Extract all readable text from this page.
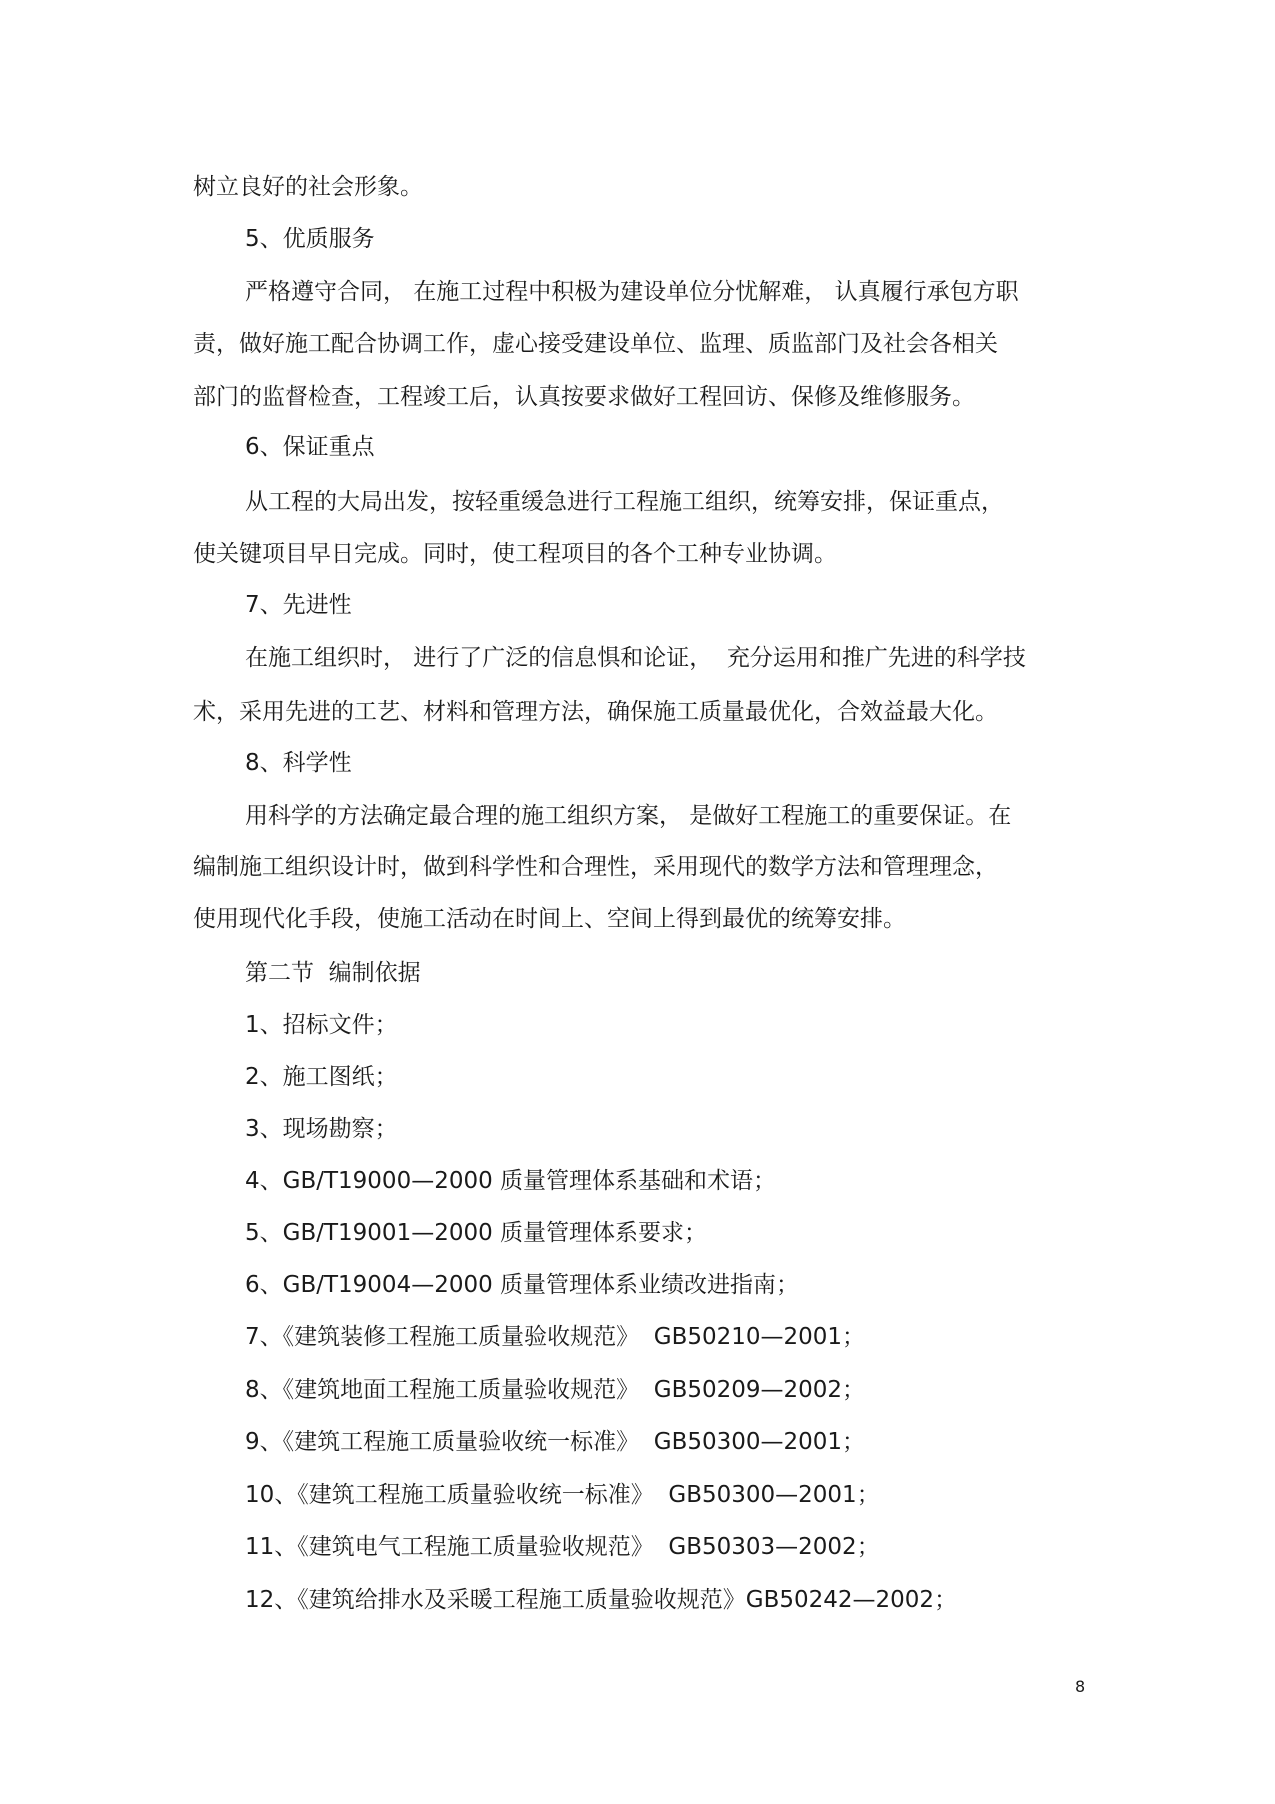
树立良好的社会形象。
5、优质服务
严格遵守合同， 在施工过程中积极为建设单位分忧解难， 认真履行承包方职
责，做好施工配合协调工作，虚心接受建设单位、监理、质监部门及社会各相关
部门的监督检查，工程竣工后，认真按要求做好工程回访、保修及维修服务。
6、保证重点
从工程的大局出发，按轻重缓急进行工程施工组织，统筹安排，保证重点，
使关键项目早日完成。同时，使工程项目的各个工种专业协调。
7、先进性
在施工组织时， 进行了广泛的信息惧和论证，  充分运用和推广先进的科学技
术，采用先进的工艺、材料和管理方法，确保施工质量最优化，合效益最大化。
8、科学性
用科学的方法确定最合理的施工组织方案， 是做好工程施工的重要保证。在
编制施工组织设计时，做到科学性和合理性，采用现代的数学方法和管理理念，
使用现代化手段，使施工活动在时间上、空间上得到最优的统筹安排。
第二节  编制依据
1、招标文件；
2、施工图纸；
3、现场勘察；
4、GB/T19000—2000 质量管理体系基础和术语；
5、GB/T19001—2000 质量管理体系要求；
6、GB/T19004—2000 质量管理体系业绩改进指南；
7、《建筑装修工程施工质量验收规范》  GB50210—2001；
8、《建筑地面工程施工质量验收规范》  GB50209—2002；
9、《建筑工程施工质量验收统一标准》  GB50300—2001；
10、《建筑工程施工质量验收统一标准》  GB50300—2001；
11、《建筑电气工程施工质量验收规范》  GB50303—2002；
12、《建筑给排水及采暖工程施工质量验收规范》GB50242—2002；
8
